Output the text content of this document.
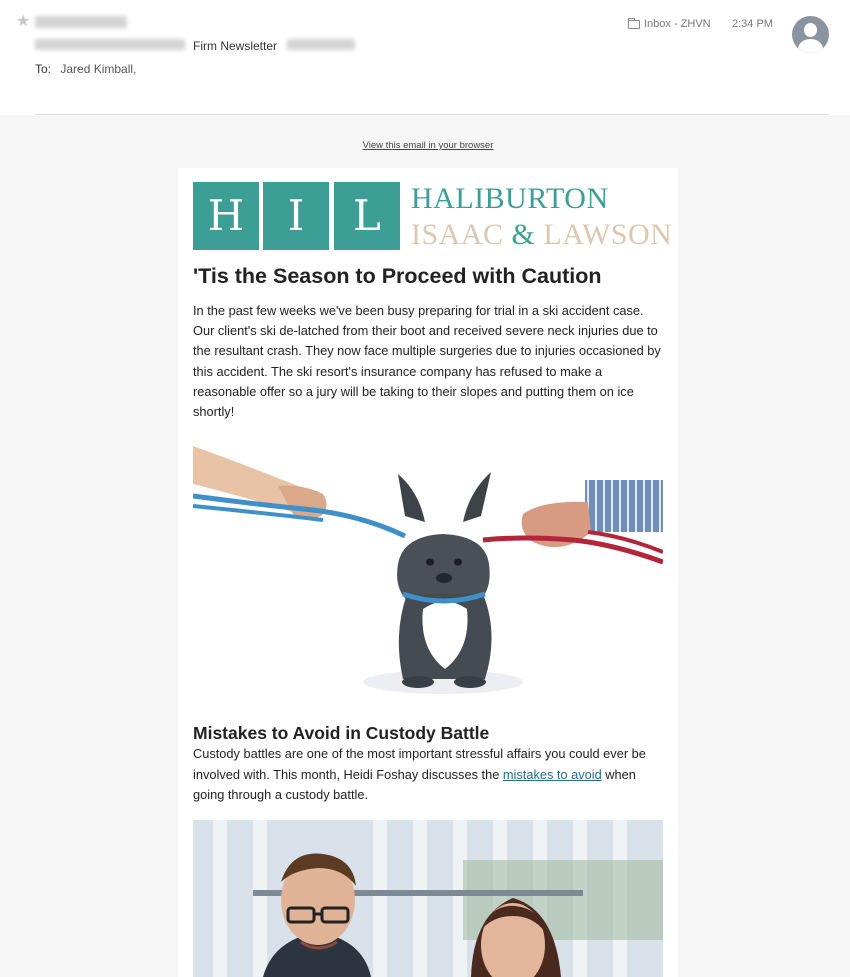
★
Firm Newsletter
To: Jared Kimball,
Inbox - ZHVN 2:34 PM
View this email in your browser
H	I	L	HALIBURTON
ISAAC & LAWSON
'Tis the Season to Proceed with Caution

In the past few weeks we've been busy preparing for trial in a ski accident case. Our client's ski de-latched from their boot and received severe neck injuries due to the resultant crash. They now face multiple surgeries due to injuries occasioned by this accident. The ski resort's insurance company has refused to make a reasonable offer so a jury will be taking to their slopes and putting them on ice shortly!

Mistakes to Avoid in Custody Battle

Custody battles are one of the most important stressful affairs you could ever be involved with. This month, Heidi Foshay discusses the mistakes to avoid when going through a custody battle.
